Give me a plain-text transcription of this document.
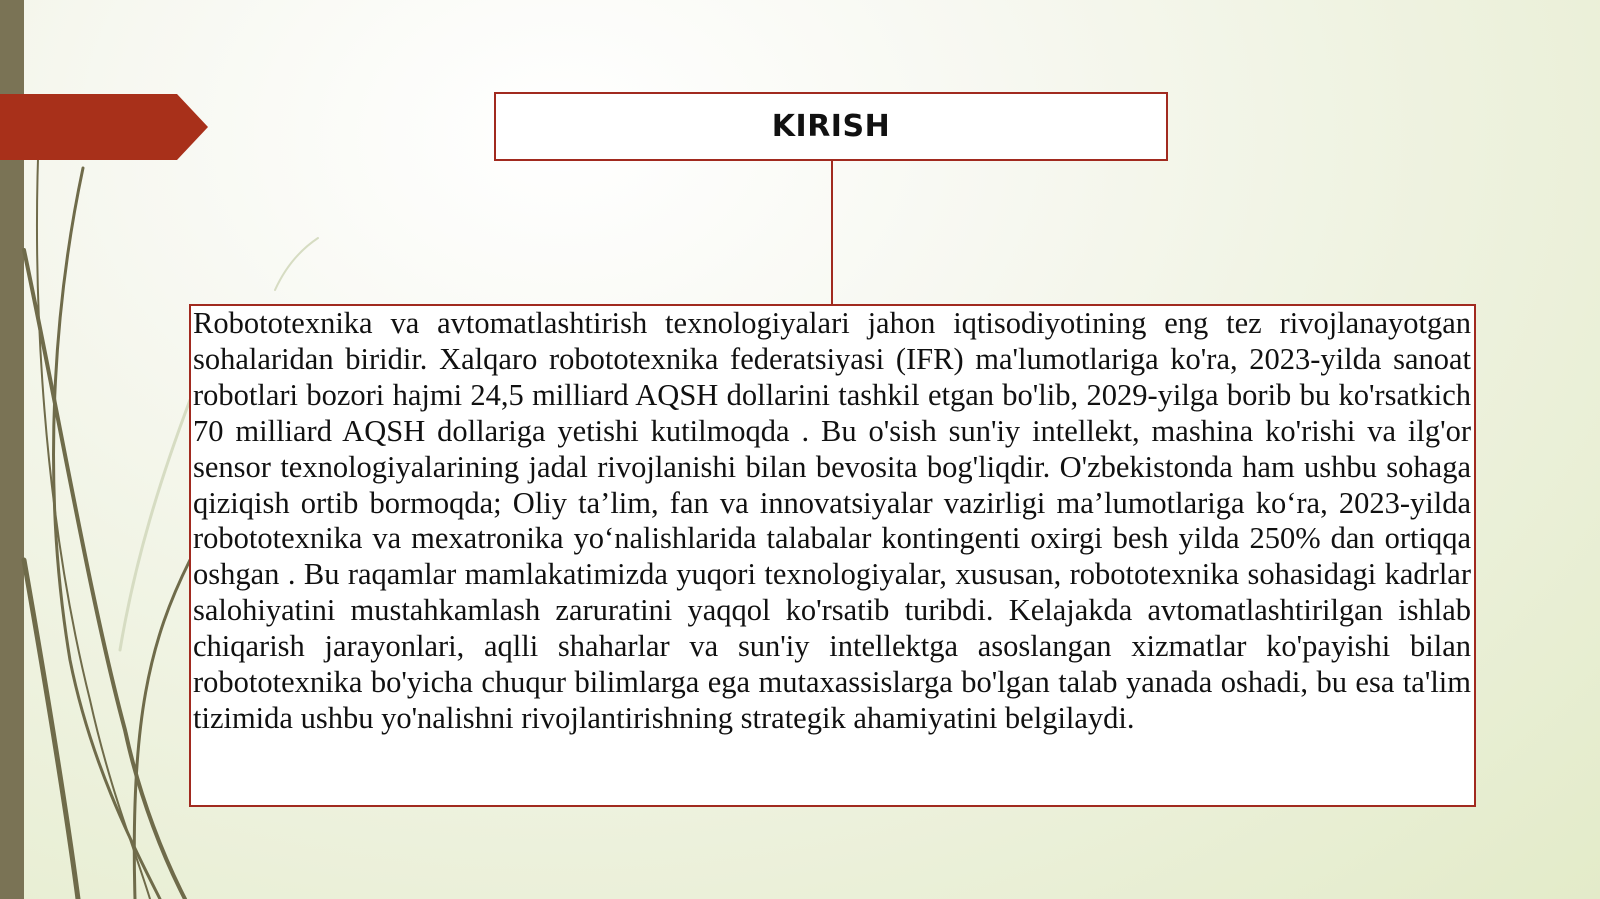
KIRISH

Robototexnika va avtomatlashtirish texnologiyalari jahon iqtisodiyotining eng tez rivojlanayotgan sohalaridan biridir. Xalqaro robototexnika federatsiyasi (IFR) ma'lumotlariga ko'ra, 2023-yilda sanoat robotlari bozori hajmi 24,5 milliard AQSH dollarini tashkil etgan bo'lib, 2029-yilga borib bu ko'rsatkich 70 milliard AQSH dollariga yetishi kutilmoqda . Bu o'sish sun'iy intellekt, mashina ko'rishi va ilg'or sensor texnologiyalarining jadal rivojlanishi bilan bevosita bog'liqdir. O'zbekistonda ham ushbu sohaga qiziqish ortib bormoqda; Oliy ta’lim, fan va innovatsiyalar vazirligi ma’lumotlariga ko‘ra, 2023-yilda robototexnika va mexatronika yo‘nalishlarida talabalar kontingenti oxirgi besh yilda 250% dan ortiqqa oshgan . Bu raqamlar mamlakatimizda yuqori texnologiyalar, xususan, robototexnika sohasidagi kadrlar salohiyatini mustahkamlash zaruratini yaqqol ko'rsatib turibdi. Kelajakda avtomatlashtirilgan ishlab chiqarish jarayonlari, aqlli shaharlar va sun'iy intellektga asoslangan xizmatlar ko'payishi bilan robototexnika bo'yicha chuqur bilimlarga ega mutaxassislarga bo'lgan talab yanada oshadi, bu esa ta'lim tizimida ushbu yo'nalishni rivojlantirishning strategik ahamiyatini belgilaydi.
